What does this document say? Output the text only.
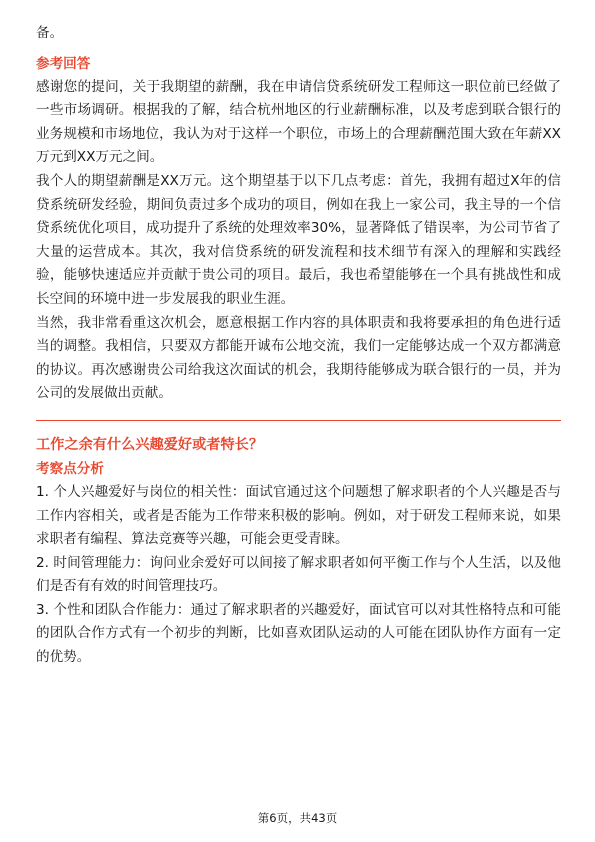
备。

参考回答

感谢您的提问，关于我期望的薪酬，我在申请信贷系统研发工程师这一职位前已经做了一些市场调研。根据我的了解，结合杭州地区的行业薪酬标准，以及考虑到联合银行的业务规模和市场地位，我认为对于这样一个职位，市场上的合理薪酬范围大致在年薪XX万元到XX万元之间。

我个人的期望薪酬是XX万元。这个期望基于以下几点考虑：首先，我拥有超过X年的信贷系统研发经验，期间负责过多个成功的项目，例如在我上一家公司，我主导的一个信贷系统优化项目，成功提升了系统的处理效率30%，显著降低了错误率，为公司节省了大量的运营成本。其次，我对信贷系统的研发流程和技术细节有深入的理解和实践经验，能够快速适应并贡献于贵公司的项目。最后，我也希望能够在一个具有挑战性和成长空间的环境中进一步发展我的职业生涯。

当然，我非常看重这次机会，愿意根据工作内容的具体职责和我将要承担的角色进行适当的调整。我相信，只要双方都能开诚布公地交流，我们一定能够达成一个双方都满意的协议。再次感谢贵公司给我这次面试的机会，我期待能够成为联合银行的一员，并为公司的发展做出贡献。

工作之余有什么兴趣爱好或者特长？

考察点分析

1. 个人兴趣爱好与岗位的相关性：面试官通过这个问题想了解求职者的个人兴趣是否与工作内容相关，或者是否能为工作带来积极的影响。例如，对于研发工程师来说，如果求职者有编程、算法竞赛等兴趣，可能会更受青睐。

2. 时间管理能力：询问业余爱好可以间接了解求职者如何平衡工作与个人生活，以及他们是否有有效的时间管理技巧。

3. 个性和团队合作能力：通过了解求职者的兴趣爱好，面试官可以对其性格特点和可能的团队合作方式有一个初步的判断，比如喜欢团队运动的人可能在团队协作方面有一定的优势。

第6页，共43页
